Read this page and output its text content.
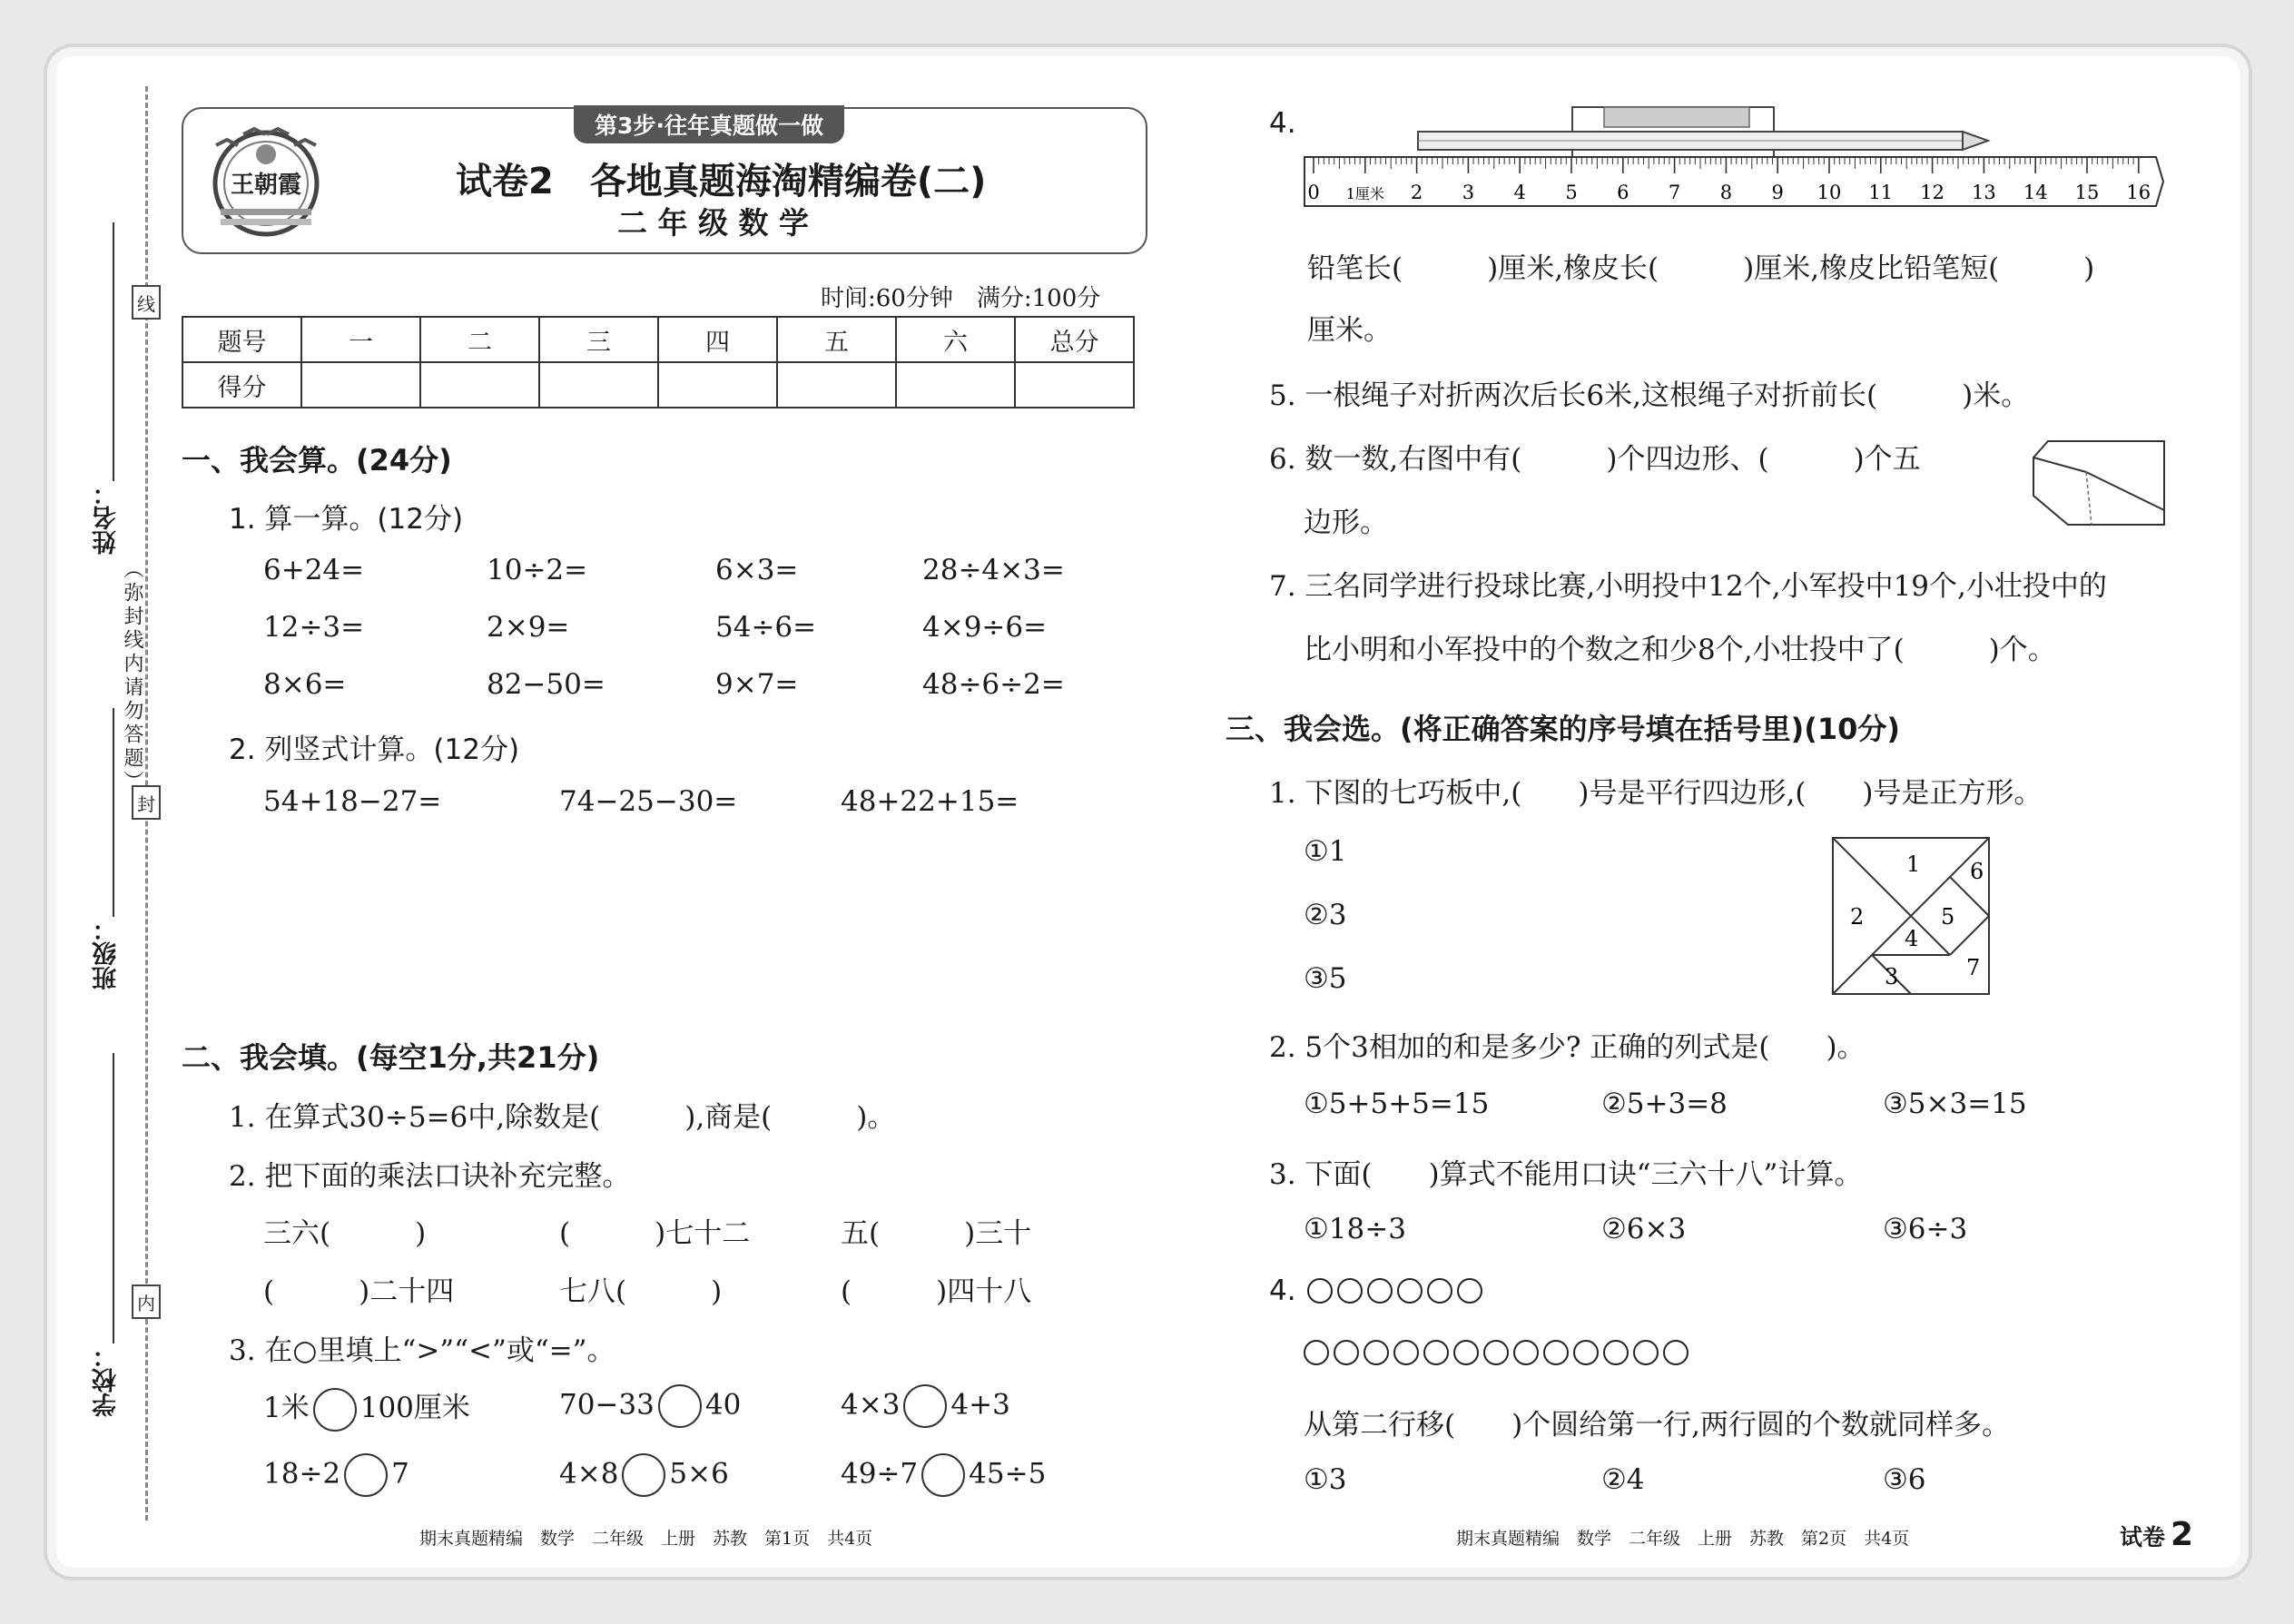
线
封
内
（弥封线内请勿答题）
姓名：
班级：
学校：
第3步·往年真题做一做
王朝霞	试卷2　各地真题海淘精编卷(二)
二 年 级 数 学
时间:60分钟　满分:100分
题号	一	二	三	四	五	六	总分
得分							
一、我会算。(24分)
1. 算一算。(12分)
6+24=	10÷2=	6×3=	28÷4×3=
12÷3=	2×9=	54÷6=	4×9÷6=
8×6=	82−50=	9×7=	48÷6÷2=
2. 列竖式计算。(12分)
54+18−27=	74−25−30=	48+22+15=
二、我会填。(每空1分,共21分)
1. 在算式30÷5=6中,除数是(　　　),商是(　　　)。
2. 把下面的乘法口诀补充完整。
三六(　　　)	(　　　)七十二	五(　　　)三十
(　　　)二十四	七八(　　　)	(　　　)四十八
3. 在○里填上“>”“<”或“=”。
1米 100厘米	70−33 40	4×3 4+3
18÷2 7	4×8 5×6	49÷7 45÷5
4.
0 1厘米 2 3 4 5 6 7 8 9 10 11 12 13 14 15 16
铅笔长(　　　)厘米,橡皮长(　　　)厘米,橡皮比铅笔短(　　　)
厘米。
5. 一根绳子对折两次后长6米,这根绳子对折前长(　　　)米。
6. 数一数,右图中有(　　　)个四边形、(　　　)个五
边形。
7. 三名同学进行投球比赛,小明投中12个,小军投中19个,小壮投中的
比小明和小军投中的个数之和少8个,小壮投中了(　　　)个。
三、我会选。(将正确答案的序号填在括号里)(10分)
1. 下图的七巧板中,(　　)号是平行四边形,(　　)号是正方形。
①1
②3
③5
1
2
3
4
5
6
7
2. 5个3相加的和是多少? 正确的列式是(　　)。
①5+5+5=15	②5+3=8	③5×3=15
3. 下面(　　)算式不能用口诀“三六十八”计算。
①18÷3	②6×3	③6÷3
4.
从第二行移(　　)个圆给第一行,两行圆的个数就同样多。
①3	②4	③6
期末真题精编　数学　二年级　上册　苏教　第1页　共4页	期末真题精编　数学　二年级　上册　苏教　第2页　共4页	试卷 2
